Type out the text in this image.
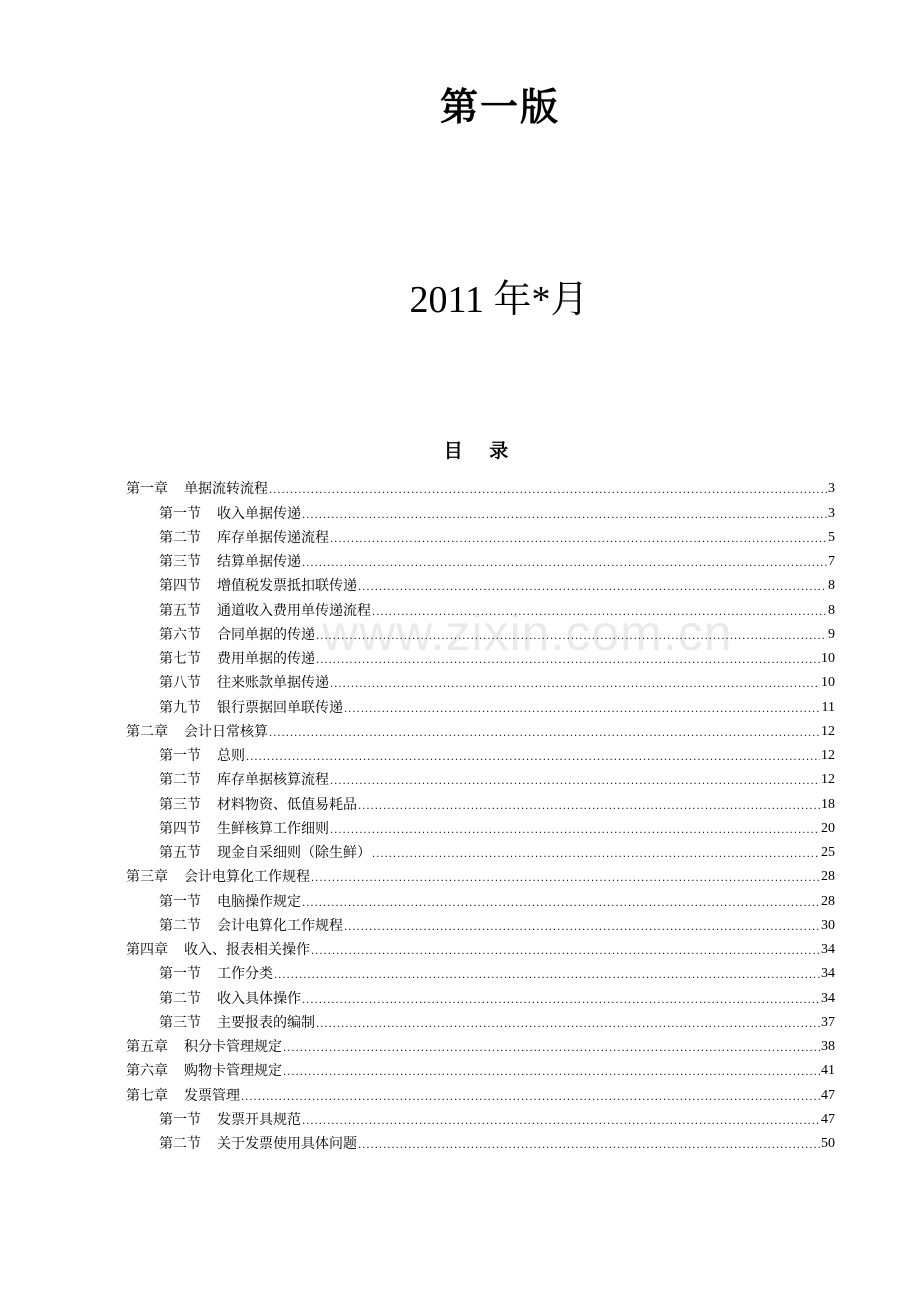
第一版
2011 年*月
www.zixin.com.cn
目 录
第一章 单据流转流程 .....	3
第一节 收入单据传递 .....	3
第二节 库存单据传递流程 .....	5
第三节 结算单据传递 .....	7
第四节 增值税发票抵扣联传递 .....	8
第五节 通道收入费用单传递流程 .....	8
第六节 合同单据的传递 .....	9
第七节 费用单据的传递 .....	10
第八节 往来账款单据传递 .....	10
第九节 银行票据回单联传递 .....	11
第二章 会计日常核算 .....	12
第一节 总则 .....	12
第二节 库存单据核算流程 .....	12
第三节 材料物资、低值易耗品 .....	18
第四节 生鲜核算工作细则 .....	20
第五节 现金自采细则（除生鲜） .....	25
第三章 会计电算化工作规程 .....	28
第一节 电脑操作规定 .....	28
第二节 会计电算化工作规程 .....	30
第四章 收入、报表相关操作 .....	34
第一节 工作分类 .....	34
第二节 收入具体操作 .....	34
第三节 主要报表的编制 .....	37
第五章 积分卡管理规定 .....	38
第六章 购物卡管理规定 .....	41
第七章 发票管理 .....	47
第一节 发票开具规范 .....	47
第二节 关于发票使用具体问题 .....	50
